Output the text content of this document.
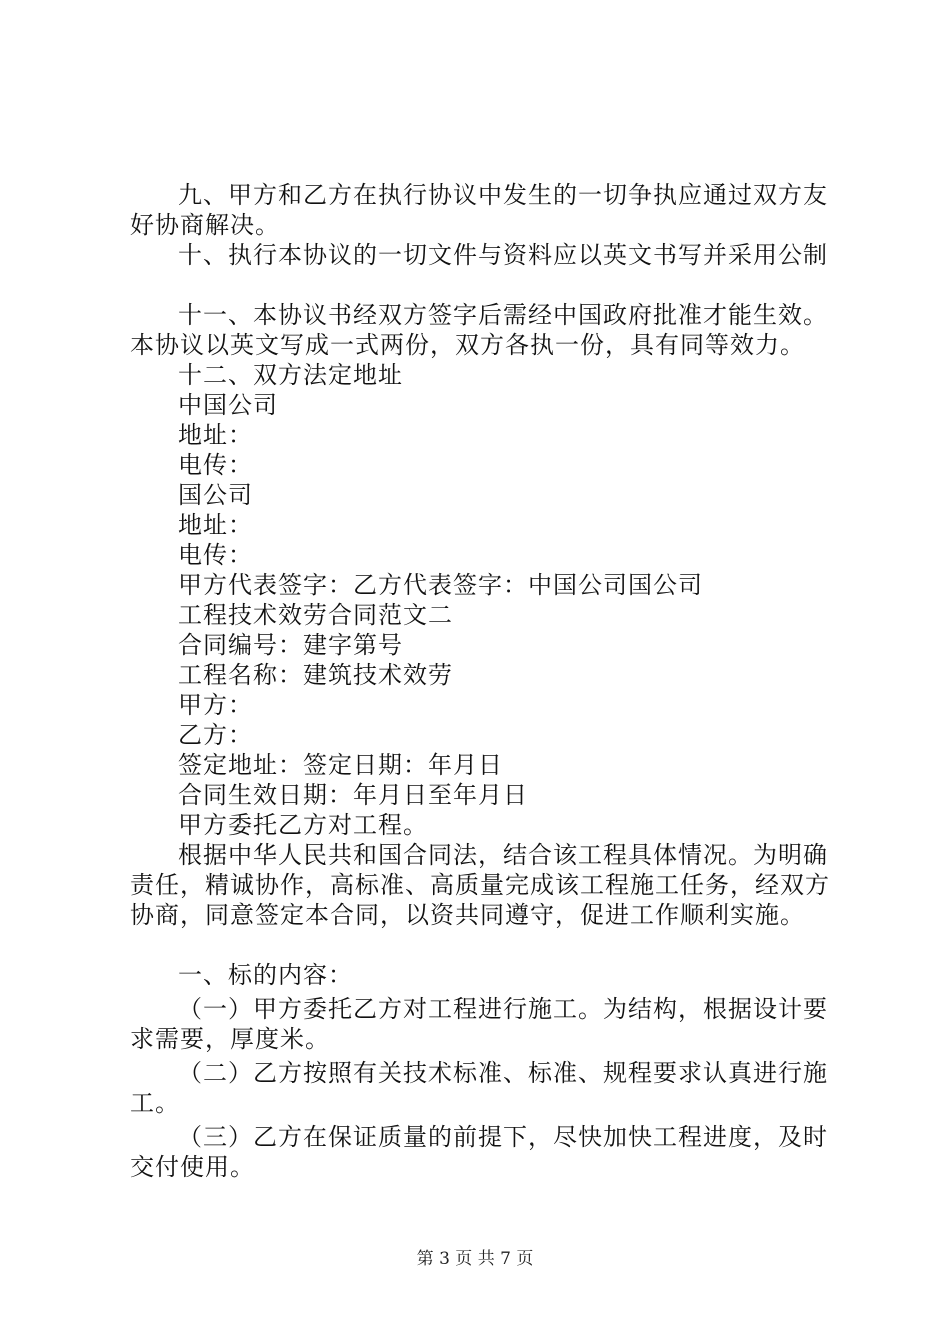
九、甲方和乙方在执行协议中发生的一切争执应通过双方友好协商解决。

十、执行本协议的一切文件与资料应以英文书写并采用公制

十一、本协议书经双方签字后需经中国政府批准才能生效。本协议以英文写成一式两份，双方各执一份，具有同等效力。

十二、双方法定地址

中国公司

地址：

电传：

国公司

地址：

电传：

甲方代表签字：乙方代表签字：中国公司国公司

工程技术效劳合同范文二

合同编号：建字第号

工程名称：建筑技术效劳

甲方：

乙方：

签定地址：签定日期：年月日

合同生效日期：年月日至年月日

甲方委托乙方对工程。

根据中华人民共和国合同法，结合该工程具体情况。为明确责任，精诚协作，高标准、高质量完成该工程施工任务，经双方协商，同意签定本合同，以资共同遵守，促进工作顺利实施。

一、标的内容：

（一）甲方委托乙方对工程进行施工。为结构，根据设计要求需要，厚度米。

（二）乙方按照有关技术标准、标准、规程要求认真进行施工。

（三）乙方在保证质量的前提下，尽快加快工程进度，及时交付使用。

第 3 页 共 7 页
